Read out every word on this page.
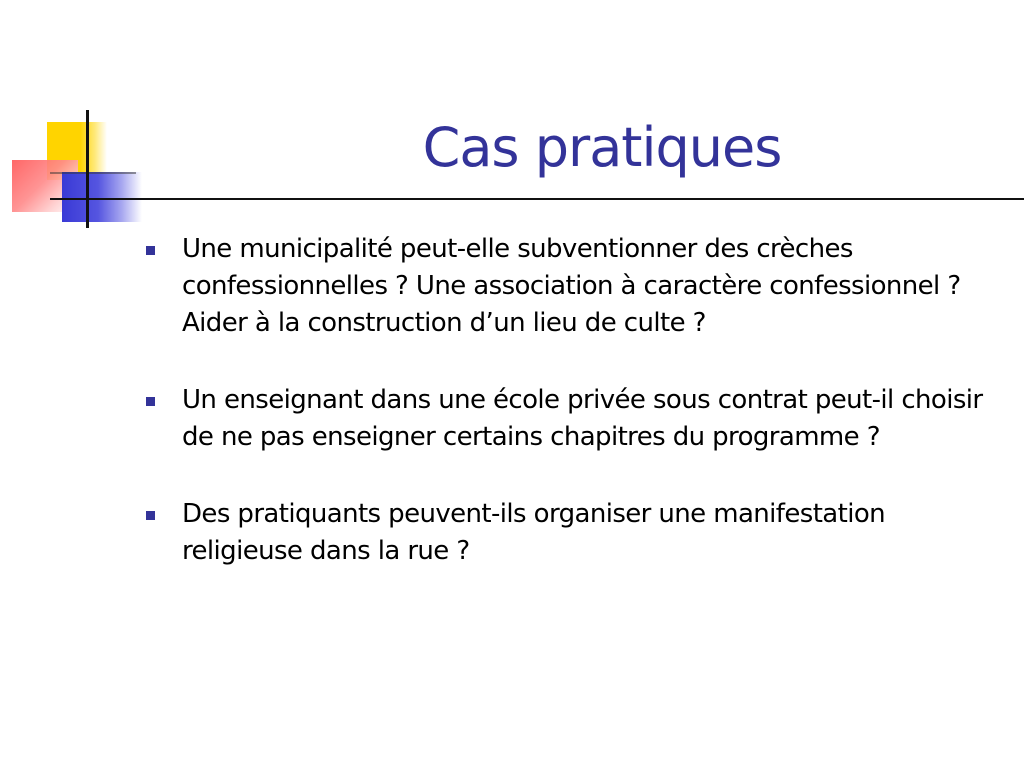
Cas pratiques
Une municipalité peut-elle subventionner des crèches confessionnelles ? Une association à caractère confessionnel ? Aider à la construction d’un lieu de culte ?
Un enseignant dans une école privée sous contrat peut-il choisir de ne pas enseigner certains chapitres du programme ?
Des pratiquants peuvent-ils organiser une manifestation religieuse dans la rue ?
